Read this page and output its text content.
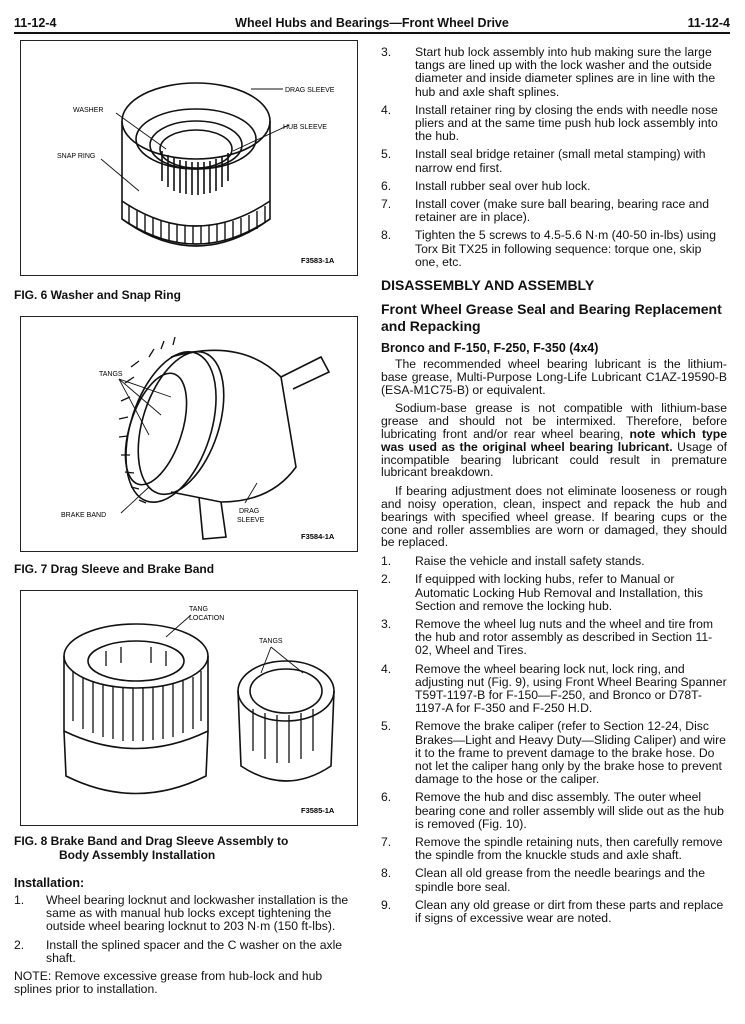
11-12-4	Wheel Hubs and Bearings—Front Wheel Drive	11-12-4
DRAG SLEEVE
WASHER
HUB SLEEVE
SNAP RING
F3583-1A
FIG. 6 Washer and Snap Ring
TANGS
BRAKE BAND
DRAG
SLEEVE
F3584-1A
FIG. 7 Drag Sleeve and Brake Band
TANG
LOCATION
TANGS
F3585-1A
FIG. 8 Brake Band and Drag Sleeve Assembly to
Body Assembly Installation
Installation:
1.	Wheel bearing locknut and lockwasher installation is the same as with manual hub locks except tightening the outside wheel bearing locknut to 203 N·m (150 ft-lbs).
2.	Install the splined spacer and the C washer on the axle shaft.
NOTE: Remove excessive grease from hub-lock and hub splines prior to installation.
3.	Start hub lock assembly into hub making sure the large tangs are lined up with the lock washer and the outside diameter and inside diameter splines are in line with the hub and axle shaft splines.
4.	Install retainer ring by closing the ends with needle nose pliers and at the same time push hub lock assembly into the hub.
5.	Install seal bridge retainer (small metal stamping) with narrow end first.
6.	Install rubber seal over hub lock.
7.	Install cover (make sure ball bearing, bearing race and retainer are in place).
8.	Tighten the 5 screws to 4.5-5.6 N·m (40-50 in-lbs) using Torx Bit TX25 in following sequence: torque one, skip one, etc.
DISASSEMBLY AND ASSEMBLY
Front Wheel Grease Seal and Bearing Replacement and Repacking
Bronco and F-150, F-250, F-350 (4x4)

The recommended wheel bearing lubricant is the lithium-base grease, Multi-Purpose Long-Life Lubricant C1AZ-19590-B (ESA-M1C75-B) or equivalent.

Sodium-base grease is not compatible with lithium-base grease and should not be intermixed. Therefore, before lubricating front and/or rear wheel bearing, note which type was used as the original wheel bearing lubricant. Usage of incompatible bearing lubricant could result in premature lubricant breakdown.

If bearing adjustment does not eliminate looseness or rough and noisy operation, clean, inspect and repack the hub and bearings with specified wheel grease. If bearing cups or the cone and roller assemblies are worn or damaged, they should be replaced.

1.	Raise the vehicle and install safety stands.
2.	If equipped with locking hubs, refer to Manual or Automatic Locking Hub Removal and Installation, this Section and remove the locking hub.
3.	Remove the wheel lug nuts and the wheel and tire from the hub and rotor assembly as described in Section 11-02, Wheel and Tires.
4.	Remove the wheel bearing lock nut, lock ring, and adjusting nut (Fig. 9), using Front Wheel Bearing Spanner T59T-1197-B for F-150—F-250, and Bronco or D78T-1197-A for F-350 and F-250 H.D.
5.	Remove the brake caliper (refer to Section 12-24, Disc Brakes—Light and Heavy Duty—Sliding Caliper) and wire it to the frame to prevent damage to the brake hose. Do not let the caliper hang only by the brake hose to prevent damage to the hose or the caliper.
6.	Remove the hub and disc assembly. The outer wheel bearing cone and roller assembly will slide out as the hub is removed (Fig. 10).
7.	Remove the spindle retaining nuts, then carefully remove the spindle from the knuckle studs and axle shaft.
8.	Clean all old grease from the needle bearings and the spindle bore seal.
9.	Clean any old grease or dirt from these parts and replace if signs of excessive wear are noted.
